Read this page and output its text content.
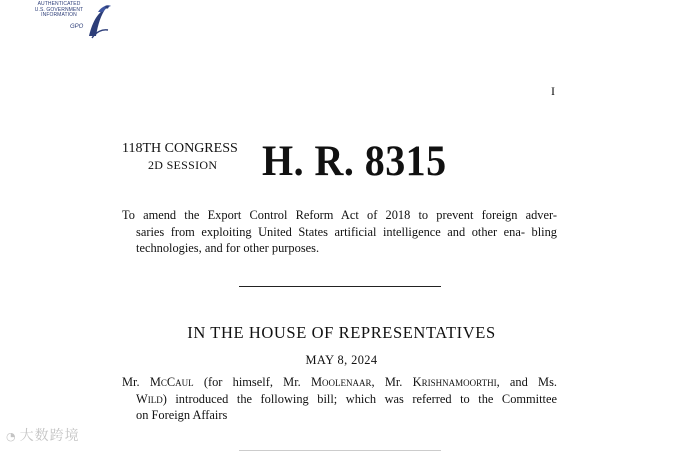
AUTHENTICATED
U.S. GOVERNMENT
INFORMATION
GPO
I
118TH CONGRESS
2D SESSION	H. R. 8315
To amend the Export Control Reform Act of 2018 to prevent foreign adver-
saries from exploiting United States artificial intelligence and other ena- bling technologies, and for other purposes.
IN THE HOUSE OF REPRESENTATIVES
MAY 8, 2024
Mr. McCaul (for himself, Mr. Moolenaar, Mr. Krishnamoorthi, and Ms.
Wild) introduced the following bill; which was referred to the Committee
on Foreign Affairs
◔ 大数跨境
